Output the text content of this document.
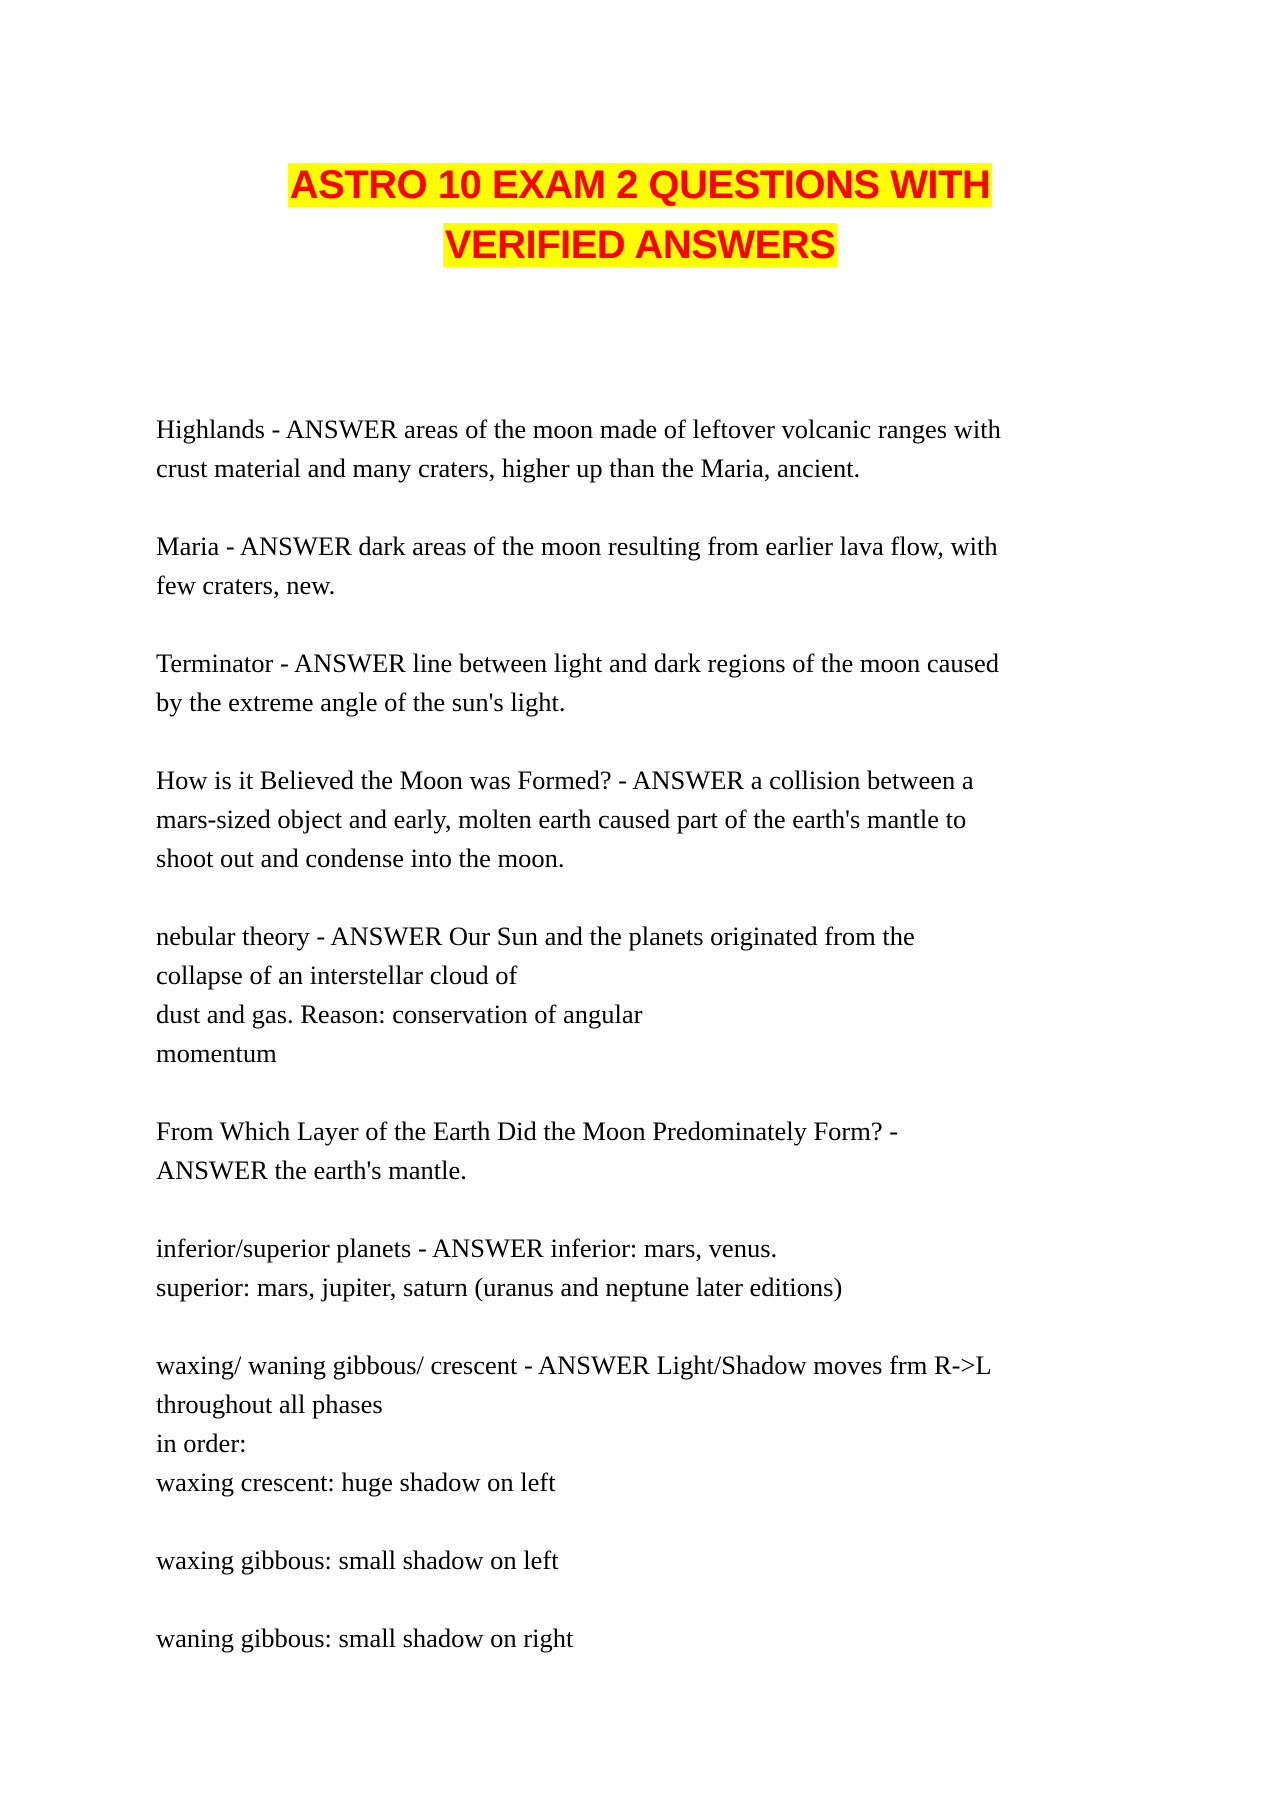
ASTRO 10 EXAM 2 QUESTIONS WITH
VERIFIED ANSWERS
Highlands - ANSWER areas of the moon made of leftover volcanic ranges with
crust material and many craters, higher up than the Maria, ancient.
Maria - ANSWER dark areas of the moon resulting from earlier lava flow, with
few craters, new.
Terminator - ANSWER line between light and dark regions of the moon caused
by the extreme angle of the sun's light.
How is it Believed the Moon was Formed? - ANSWER a collision between a
mars-sized object and early, molten earth caused part of the earth's mantle to
shoot out and condense into the moon.
nebular theory - ANSWER Our Sun and the planets originated from the
collapse of an interstellar cloud of
dust and gas. Reason: conservation of angular
momentum
From Which Layer of the Earth Did the Moon Predominately Form? -
ANSWER the earth's mantle.
inferior/superior planets - ANSWER inferior: mars, venus.
superior: mars, jupiter, saturn (uranus and neptune later editions)
waxing/ waning gibbous/ crescent - ANSWER Light/Shadow moves frm R->L
throughout all phases
in order:
waxing crescent: huge shadow on left
waxing gibbous: small shadow on left
waning gibbous: small shadow on right
